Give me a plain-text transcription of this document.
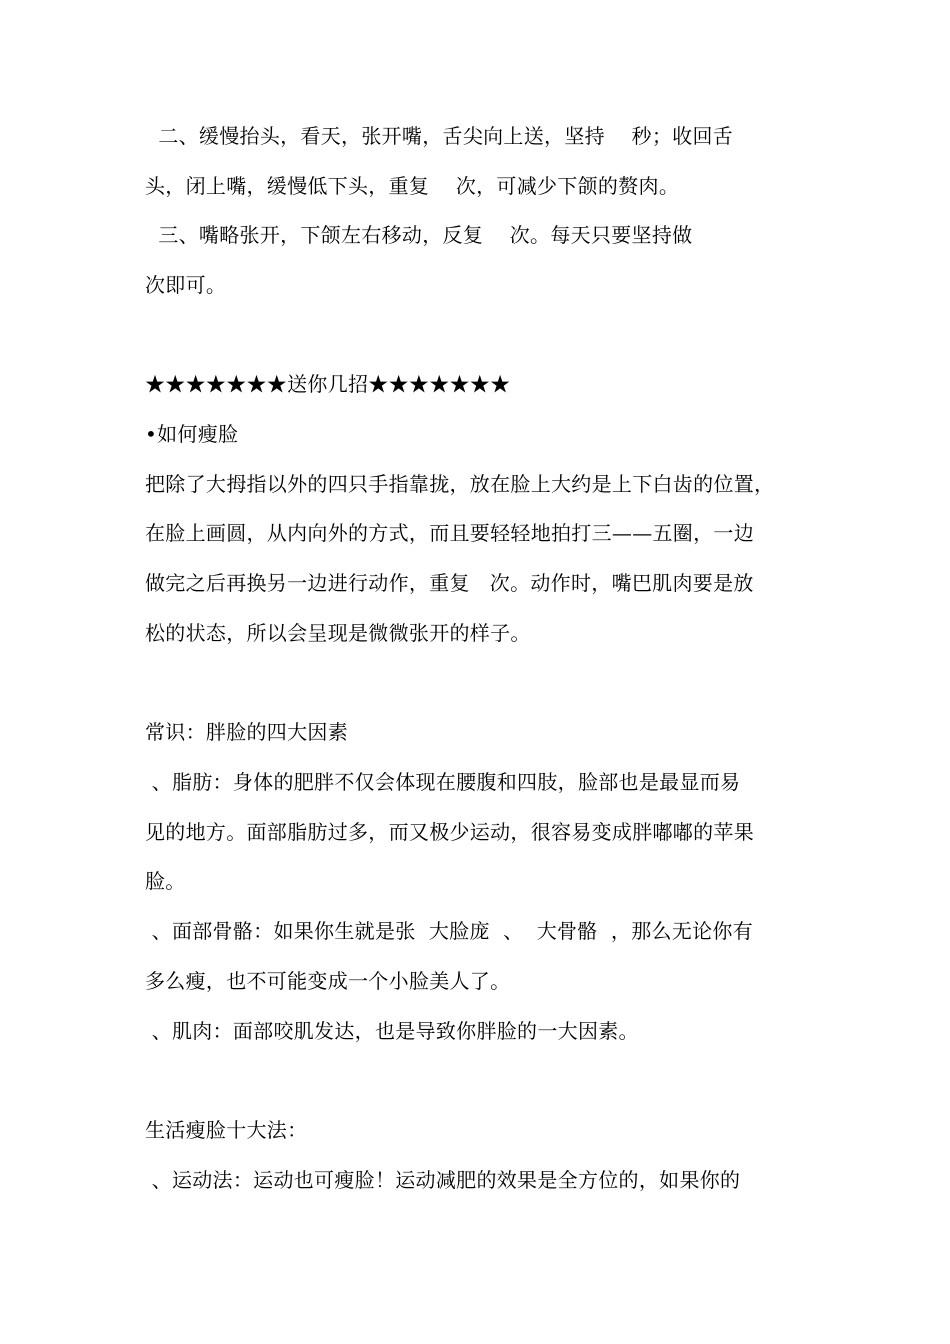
二、缓慢抬头，看天，张开嘴，舌尖向上送，坚持    秒；收回舌
头，闭上嘴，缓慢低下头，重复    次，可减少下颌的赘肉。
三、嘴略张开，下颌左右移动，反复    次。每天只要坚持做
次即可。
★★★★★★★送你几招★★★★★★★
•如何瘦脸
把除了大拇指以外的四只手指靠拢，放在脸上大约是上下白齿的位置，
在脸上画圆，从内向外的方式，而且要轻轻地拍打三——五圈，一边
做完之后再换另一边进行动作，重复   次。动作时，嘴巴肌肉要是放
松的状态，所以会呈现是微微张开的样子。
常识：胖脸的四大因素
、脂肪：身体的肥胖不仅会体现在腰腹和四肢，脸部也是最显而易
见的地方。面部脂肪过多，而又极少运动，很容易变成胖嘟嘟的苹果
脸。
、面部骨骼：如果你生就是张  大脸庞  、  大骨骼  ，那么无论你有
多么瘦，也不可能变成一个小脸美人了。
、肌肉：面部咬肌发达，也是导致你胖脸的一大因素。
生活瘦脸十大法：
、运动法：运动也可瘦脸！运动减肥的效果是全方位的，如果你的
